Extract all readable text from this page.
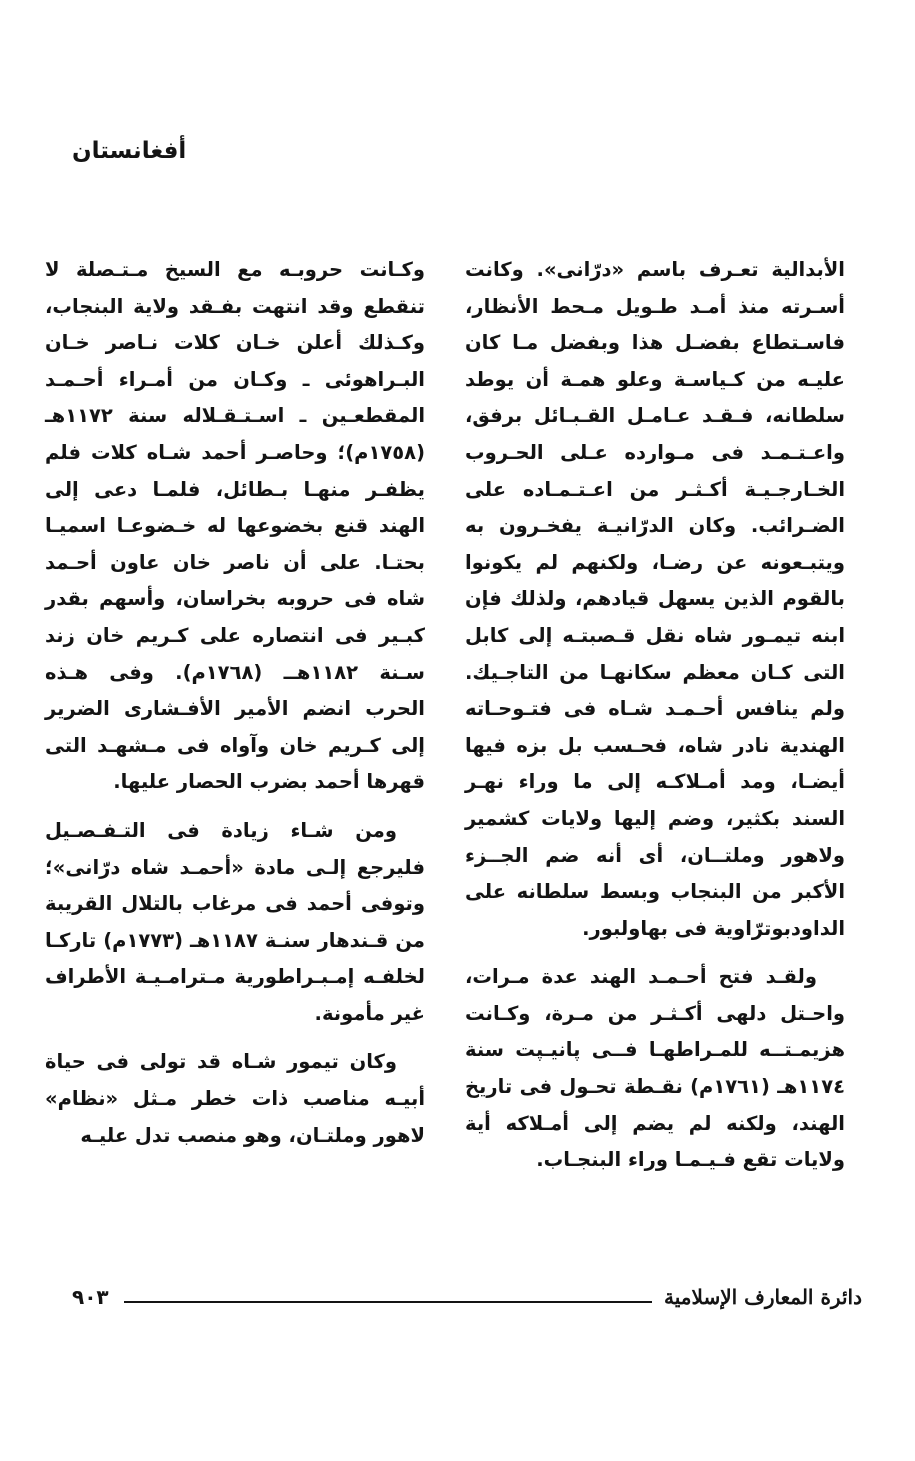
أفغانستان

الأبدالية تعـرف باسم «درّانى». وكانت أسـرته منذ أمـد طـويل مـحط الأنظار، فاسـتطاع بفضـل هذا وبفضل مـا كان عليـه من كـياسـة وعلو همـة أن يوطد سلطانه، فـقـد عـامـل القـبـائل برفق، واعـتـمـد فى مـوارده عـلى الحـروب الخـارجـيـة أكـثـر من اعـتـمـاده على الضـرائب. وكان الدرّانيـة يفخـرون به ويتبـعونه عن رضـا، ولكنهم لم يكونوا بالقوم الذين يسهل قيادهم، ولذلك فإن ابنه تيمـور شاه نقل قـصبتـه إلى كابل التى كـان معظم سكانهـا من التاجـيك. ولم ينافس أحـمـد شـاه فى فتـوحـاته الهندية نادر شاه، فحـسب بل بزه فيها أيضـا، ومد أمـلاكـه إلى ما وراء نهـر السند بكثير، وضم إليها ولايات كشمير ولاهور وملتــان، أى أنه ضم الجــزء الأكبر من البنجاب وبسط سلطانه على الداودبوترّاوية فى بهاولبور.

ولقـد فتح أحـمـد الهند عدة مـرات، واحـتل دلهى أكـثـر من مـرة، وكـانت هزيمـتــه للمـراطهـا فــى پانيـپت سنة ١١٧٤هـ (١٧٦١م) نقـطة تحـول فى تاريخ الهند، ولكنه لم يضم إلى أمـلاكه أية ولايات تقع فـيـمـا وراء البنجـاب.

وكـانت حروبـه مع السيخ مـتـصلة لا تنقطع وقد انتهت بفـقد ولاية البنجاب، وكـذلك أعلن خـان كلات نـاصر خـان البـراهوئى ـ وكـان من أمـراء أحـمـد المقطعـين ـ اسـتـقـلاله سنة ١١٧٢هـ (١٧٥٨م)؛ وحاصـر أحمد شـاه كلات فلم يظفـر منهـا بـطائل، فلمـا دعى إلى الهند قنع بخضوعها له خـضوعـا اسميـا بحتـا. على أن ناصر خان عاون أحـمد شاه فى حروبه بخراسان، وأسهم بقدر كبـير فى انتصاره على كـريم خان زند سـنة ١١٨٢هــ (١٧٦٨م). وفى هـذه الحرب انضم الأمير الأفـشارى الضرير إلى كـريم خان وآواه فى مـشهـد التى قهرها أحمد بضرب الحصار عليها.

ومن شـاء زيادة فى التـفـصـيل فليرجع إلـى مادة «أحمـد شاه درّانى»؛ وتوفى أحمد فى مرغاب بالتلال القريبة من قـندهار سنـة ١١٨٧هـ (١٧٧٣م) تاركـا لخلفـه إمـبـراطورية مـترامـيـة الأطراف غير مأمونة.

وكان تيمور شـاه قد تولى فى حياة أبيـه مناصب ذات خطر مـثل «نظام» لاهور وملتـان، وهو منصب تدل عليـه

دائرة المعارف الإسلامية
٩٠٣
